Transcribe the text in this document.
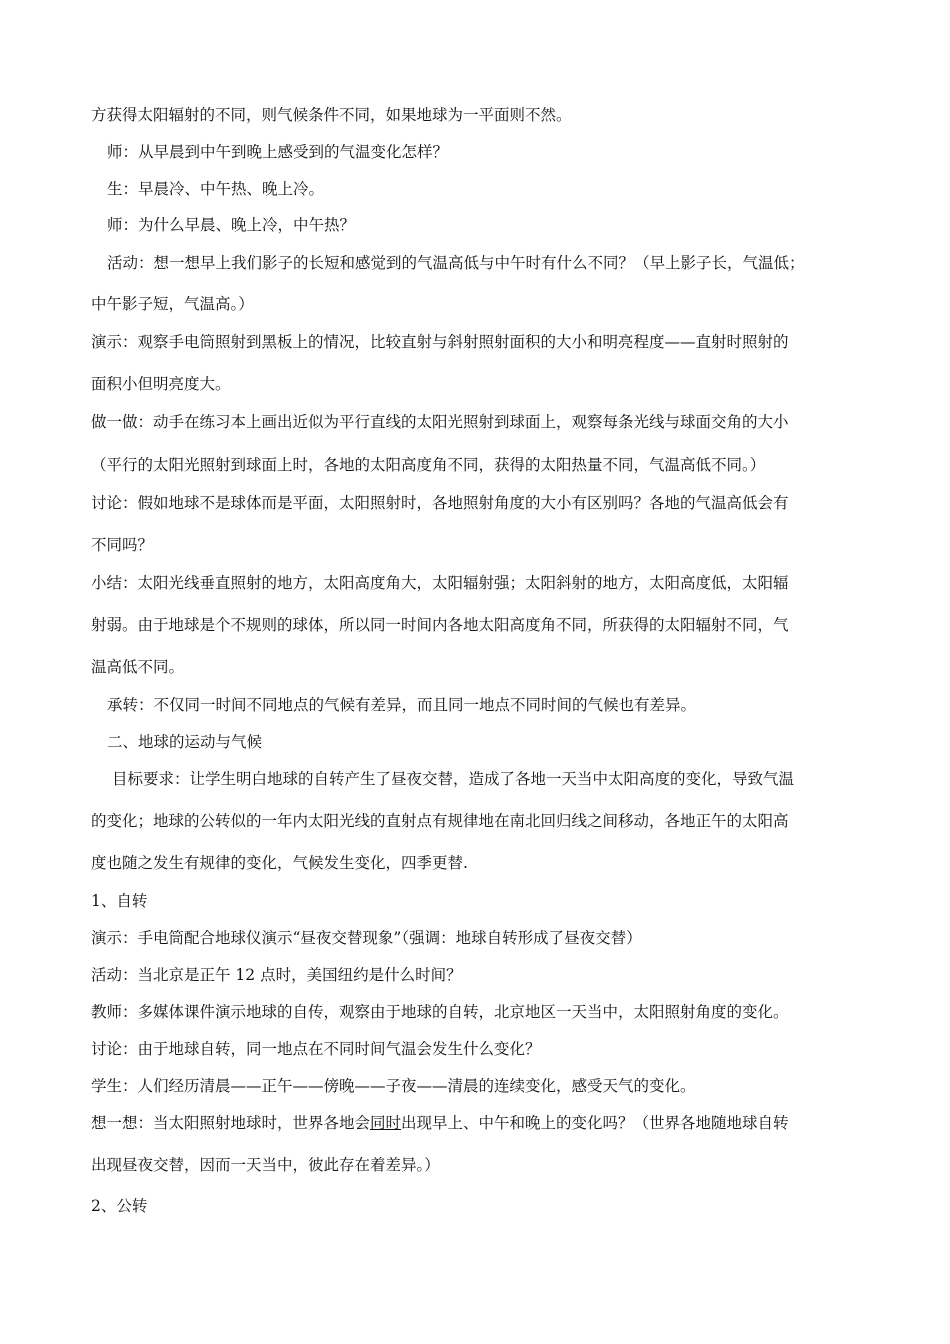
方获得太阳辐射的不同，则气候条件不同，如果地球为一平面则不然。
师：从早晨到中午到晚上感受到的气温变化怎样？
生：早晨冷、中午热、晚上冷。
师：为什么早晨、晚上冷，中午热？
活动：想一想早上我们影子的长短和感觉到的气温高低与中午时有什么不同？（早上影子长，气温低；
中午影子短，气温高。）
演示：观察手电筒照射到黑板上的情况，比较直射与斜射照射面积的大小和明亮程度——直射时照射的
面积小但明亮度大。
做一做：动手在练习本上画出近似为平行直线的太阳光照射到球面上，观察每条光线与球面交角的大小
（平行的太阳光照射到球面上时，各地的太阳高度角不同，获得的太阳热量不同，气温高低不同。）
讨论：假如地球不是球体而是平面，太阳照射时，各地照射角度的大小有区别吗？各地的气温高低会有
不同吗？
小结：太阳光线垂直照射的地方，太阳高度角大，太阳辐射强；太阳斜射的地方，太阳高度低，太阳辐
射弱。由于地球是个不规则的球体，所以同一时间内各地太阳高度角不同，所获得的太阳辐射不同，气
温高低不同。
承转：不仅同一时间不同地点的气候有差异，而且同一地点不同时间的气候也有差异。
二、地球的运动与气候
目标要求：让学生明白地球的自转产生了昼夜交替，造成了各地一天当中太阳高度的变化，导致气温
的变化；地球的公转似的一年内太阳光线的直射点有规律地在南北回归线之间移动，各地正午的太阳高
度也随之发生有规律的变化，气候发生变化，四季更替.
1、自转
演示：手电筒配合地球仪演示“昼夜交替现象”（强调：地球自转形成了昼夜交替）
活动：当北京是正午 12 点时，美国纽约是什么时间？
教师：多媒体课件演示地球的自传，观察由于地球的自转，北京地区一天当中，太阳照射角度的变化。
讨论：由于地球自转，同一地点在不同时间气温会发生什么变化？
学生：人们经历清晨——正午——傍晚——子夜——清晨的连续变化，感受天气的变化。
想一想：当太阳照射地球时，世界各地会同时出现早上、中午和晚上的变化吗？（世界各地随地球自转
出现昼夜交替，因而一天当中，彼此存在着差异。）
2、公转
